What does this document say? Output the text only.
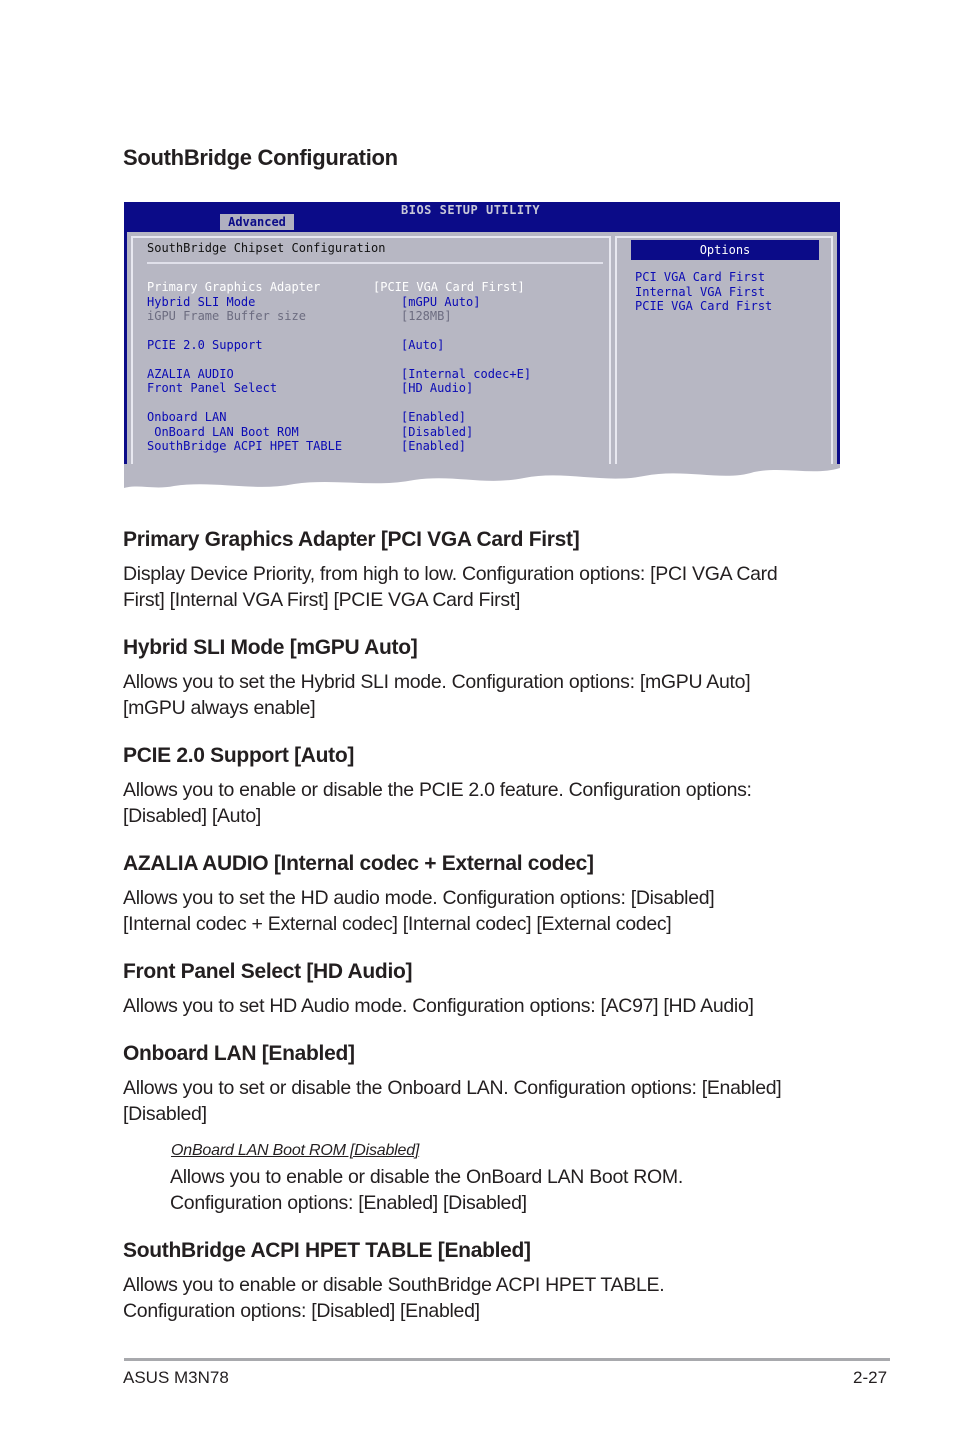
SouthBridge Configuration
BIOS SETUP UTILITY
Advanced
SouthBridge Chipset Configuration
Primary Graphics Adapter	[PCIE VGA Card First]
Hybrid SLI Mode	[mGPU Auto]
iGPU Frame Buffer size	[128MB]
PCIE 2.0 Support	[Auto]
AZALIA AUDIO	[Internal codec+E]
Front Panel Select	[HD Audio]
Onboard LAN	[Enabled]
OnBoard LAN Boot ROM	[Disabled]
SouthBridge ACPI HPET TABLE	[Enabled]
Options
PCI VGA Card First
Internal VGA First
PCIE VGA Card First
Primary Graphics Adapter [PCI VGA Card First]
Display Device Priority, from high to low. Configuration options: [PCI VGA Card
First] [Internal VGA First] [PCIE VGA Card First]
Hybrid SLI Mode [mGPU Auto]
Allows you to set the Hybrid SLI mode. Configuration options: [mGPU Auto]
[mGPU always enable]
PCIE 2.0 Support [Auto]
Allows you to enable or disable the PCIE 2.0 feature. Configuration options:
[Disabled] [Auto]
AZALIA AUDIO [Internal codec + External codec]
Allows you to set the HD audio mode. Configuration options: [Disabled]
[Internal codec + External codec] [Internal codec] [External codec]
Front Panel Select [HD Audio]
Allows you to set HD Audio mode. Configuration options: [AC97] [HD Audio]
Onboard LAN [Enabled]
Allows you to set or disable the Onboard LAN. Configuration options: [Enabled]
[Disabled]
OnBoard LAN Boot ROM [Disabled]
Allows you to enable or disable the OnBoard LAN Boot ROM.
Configuration options: [Enabled] [Disabled]
SouthBridge ACPI HPET TABLE [Enabled]
Allows you to enable or disable SouthBridge ACPI HPET TABLE.
Configuration options: [Disabled] [Enabled]
ASUS M3N78	2-27
